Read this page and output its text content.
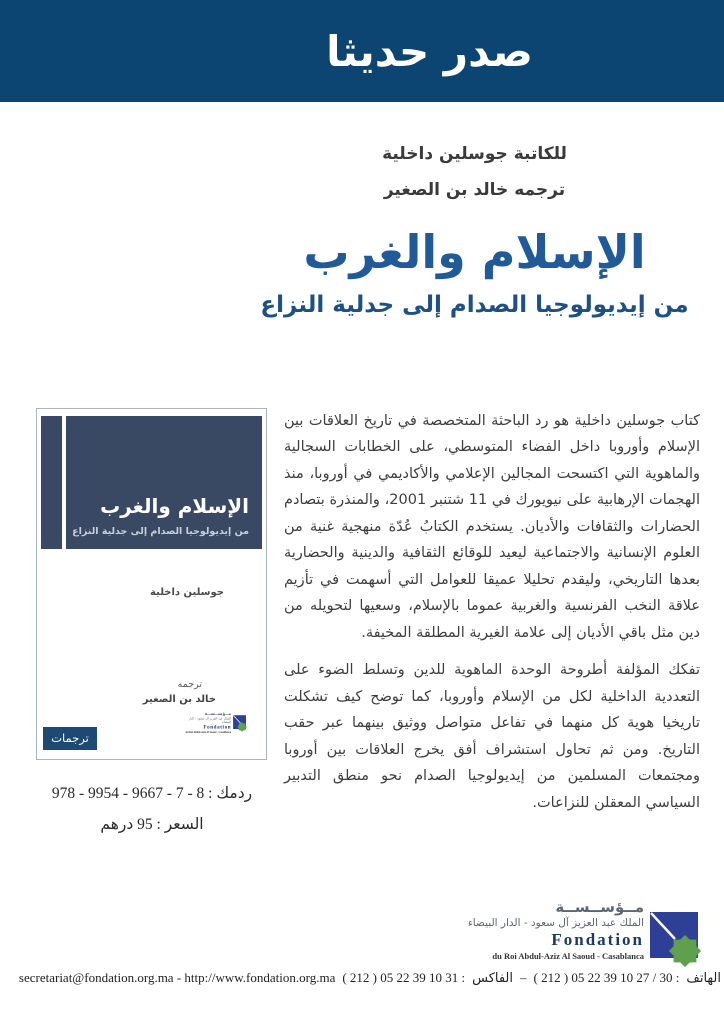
صدر حديثا
للكاتبة جوسلين داخلية
ترجمه خالد بن الصغير
الإسلام والغرب
من إيديولوجيا الصدام إلى جدلية النزاع
الإسلام والغرب
من إيديولوجيا الصدام إلى جدلية النزاع
جوسلين داخلية
ترجمه
خالد بن الصغير
ترجمات
مــؤســســة
الملك عبد العزيز آل سعود - الدار البيضاء
Fondation
du Roi Abdul-Aziz Al Saoud - Casablanca
978 - 9954 - 9667 - 7 - 8 : ردمك
السعر : 95 درهم

كتاب جوسلين داخلية هو رد الباحثة المتخصصة في تاريخ العلاقات بين الإسلام وأوروبا داخل الفضاء المتوسطي، على الخطابات السجالية والماهوية التي اكتسحت المجالين الإعلامي والأكاديمي في أوروبا، منذ الهجمات الإرهابية على نيويورك في 11 شتنبر 2001، والمنذرة بتصادم الحضارات والثقافات والأديان. يستخدم الكتابُ عُدّة منهجية غنية من العلوم الإنسانية والاجتماعية ليعيد للوقائع الثقافية والدينية والحضارية بعدها التاريخي، وليقدم تحليلا عميقا للعوامل التي أسهمت في تأزيم علاقة النخب الفرنسية والغربية عموما بالإسلام، وسعيها لتحويله من دين مثل باقي الأديان إلى علامة الغيرية المطلقة المخيفة.

تفكك المؤلفة أطروحة الوحدة الماهوية للدين وتسلط الضوء على التعددية الداخلية لكل من الإسلام وأوروبا، كما توضح كيف تشكلت تاريخيا هوية كل منهما في تفاعل متواصل ووثيق بينهما عبر حقب التاريخ. ومن ثم تحاول استشراف أفق يخرج العلاقات بين أوروبا ومجتمعات المسلمين من إيديولوجيا الصدام نحو منطق التدبير السياسي المعقلن للنزاعات.

مــؤســســة
الملك عبد العزيز آل سعود - الدار البيضاء
Fondation
du Roi Abdul-Aziz Al Saoud - Casablanca
secretariat@fondation.org.ma - http://www.fondation.org.ma ( 212 ) 05 22 39 10 31 : الفاكس – ( 212 ) 05 22 39 10 27 / 30 : الهاتف
